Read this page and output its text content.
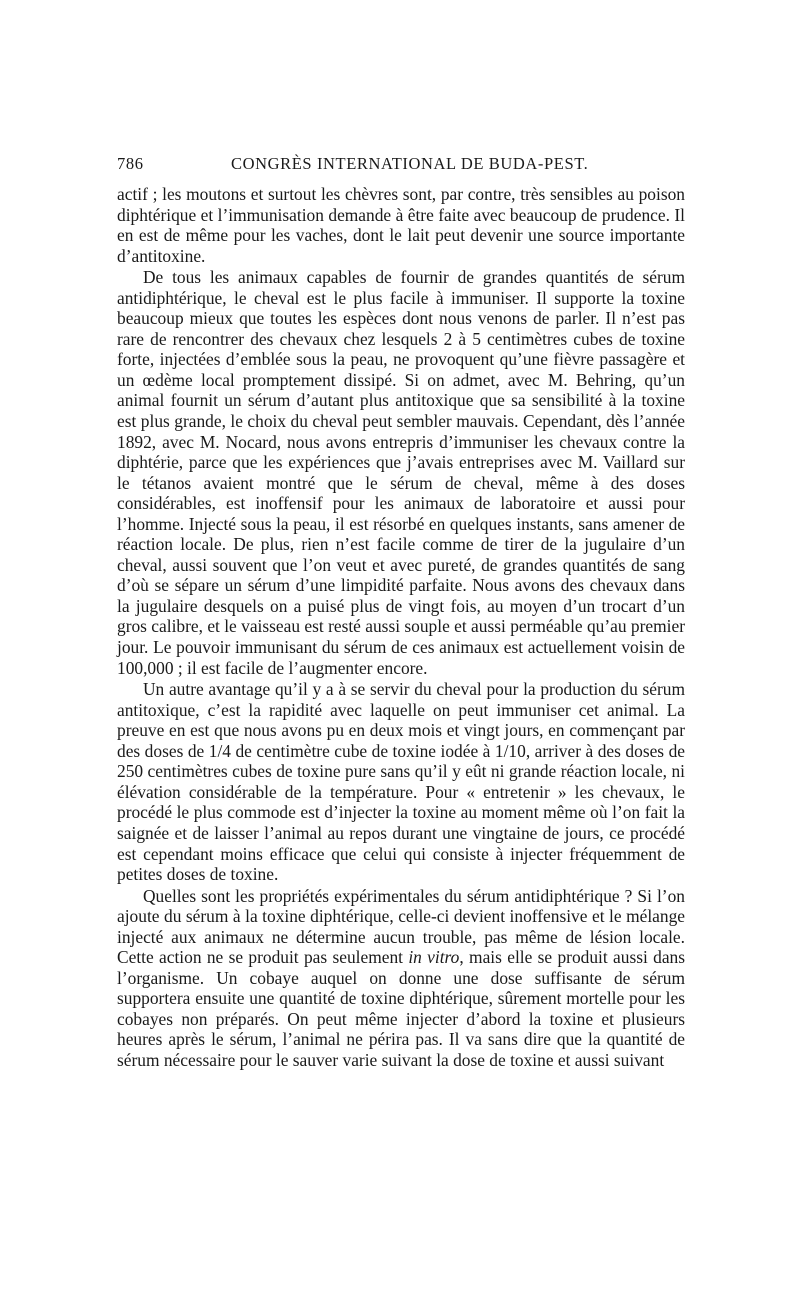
786	CONGRÈS INTERNATIONAL DE BUDA-PEST.

actif ; les moutons et surtout les chèvres sont, par contre, très sensibles au poison diphtérique et l’immunisation demande à être faite avec beaucoup de prudence. Il en est de même pour les vaches, dont le lait peut devenir une source importante d’antitoxine.

De tous les animaux capables de fournir de grandes quantités de sérum antidiphtérique, le cheval est le plus facile à immuniser. Il supporte la toxine beaucoup mieux que toutes les espèces dont nous venons de parler. Il n’est pas rare de rencontrer des chevaux chez lesquels 2 à 5 centimètres cubes de toxine forte, injectées d’emblée sous la peau, ne provoquent qu’une fièvre passagère et un œdème local promptement dissipé. Si on admet, avec M. Behring, qu’un animal fournit un sérum d’autant plus antitoxique que sa sensibilité à la toxine est plus grande, le choix du cheval peut sembler mauvais. Cependant, dès l’année 1892, avec M. Nocard, nous avons entrepris d’immuniser les chevaux contre la diphtérie, parce que les expériences que j’avais entreprises avec M. Vaillard sur le tétanos avaient montré que le sérum de cheval, même à des doses considérables, est inoffensif pour les animaux de laboratoire et aussi pour l’homme. Injecté sous la peau, il est résorbé en quelques instants, sans amener de réaction locale. De plus, rien n’est facile comme de tirer de la jugulaire d’un cheval, aussi souvent que l’on veut et avec pureté, de grandes quantités de sang d’où se sépare un sérum d’une limpidité parfaite. Nous avons des chevaux dans la jugulaire desquels on a puisé plus de vingt fois, au moyen d’un trocart d’un gros calibre, et le vaisseau est resté aussi souple et aussi perméable qu’au premier jour. Le pouvoir immunisant du sérum de ces animaux est actuellement voisin de 100,000 ; il est facile de l’augmenter encore.

Un autre avantage qu’il y a à se servir du cheval pour la production du sérum antitoxique, c’est la rapidité avec laquelle on peut immuniser cet animal. La preuve en est que nous avons pu en deux mois et vingt jours, en commençant par des doses de 1/4 de centimètre cube de toxine iodée à 1/10, arriver à des doses de 250 centimètres cubes de toxine pure sans qu’il y eût ni grande réaction locale, ni élévation considérable de la température. Pour « entretenir » les chevaux, le procédé le plus commode est d’injecter la toxine au moment même où l’on fait la saignée et de laisser l’animal au repos durant une vingtaine de jours, ce procédé est cependant moins efficace que celui qui consiste à injecter fréquemment de petites doses de toxine.

Quelles sont les propriétés expérimentales du sérum antidiphtérique ? Si l’on ajoute du sérum à la toxine diphtérique, celle-ci devient inoffensive et le mélange injecté aux animaux ne détermine aucun trouble, pas même de lésion locale. Cette action ne se produit pas seulement in vitro, mais elle se produit aussi dans l’organisme. Un cobaye auquel on donne une dose suffisante de sérum supportera ensuite une quantité de toxine diphtérique, sûrement mortelle pour les cobayes non préparés. On peut même injecter d’abord la toxine et plusieurs heures après le sérum, l’animal ne périra pas. Il va sans dire que la quantité de sérum nécessaire pour le sauver varie suivant la dose de toxine et aussi suivant
